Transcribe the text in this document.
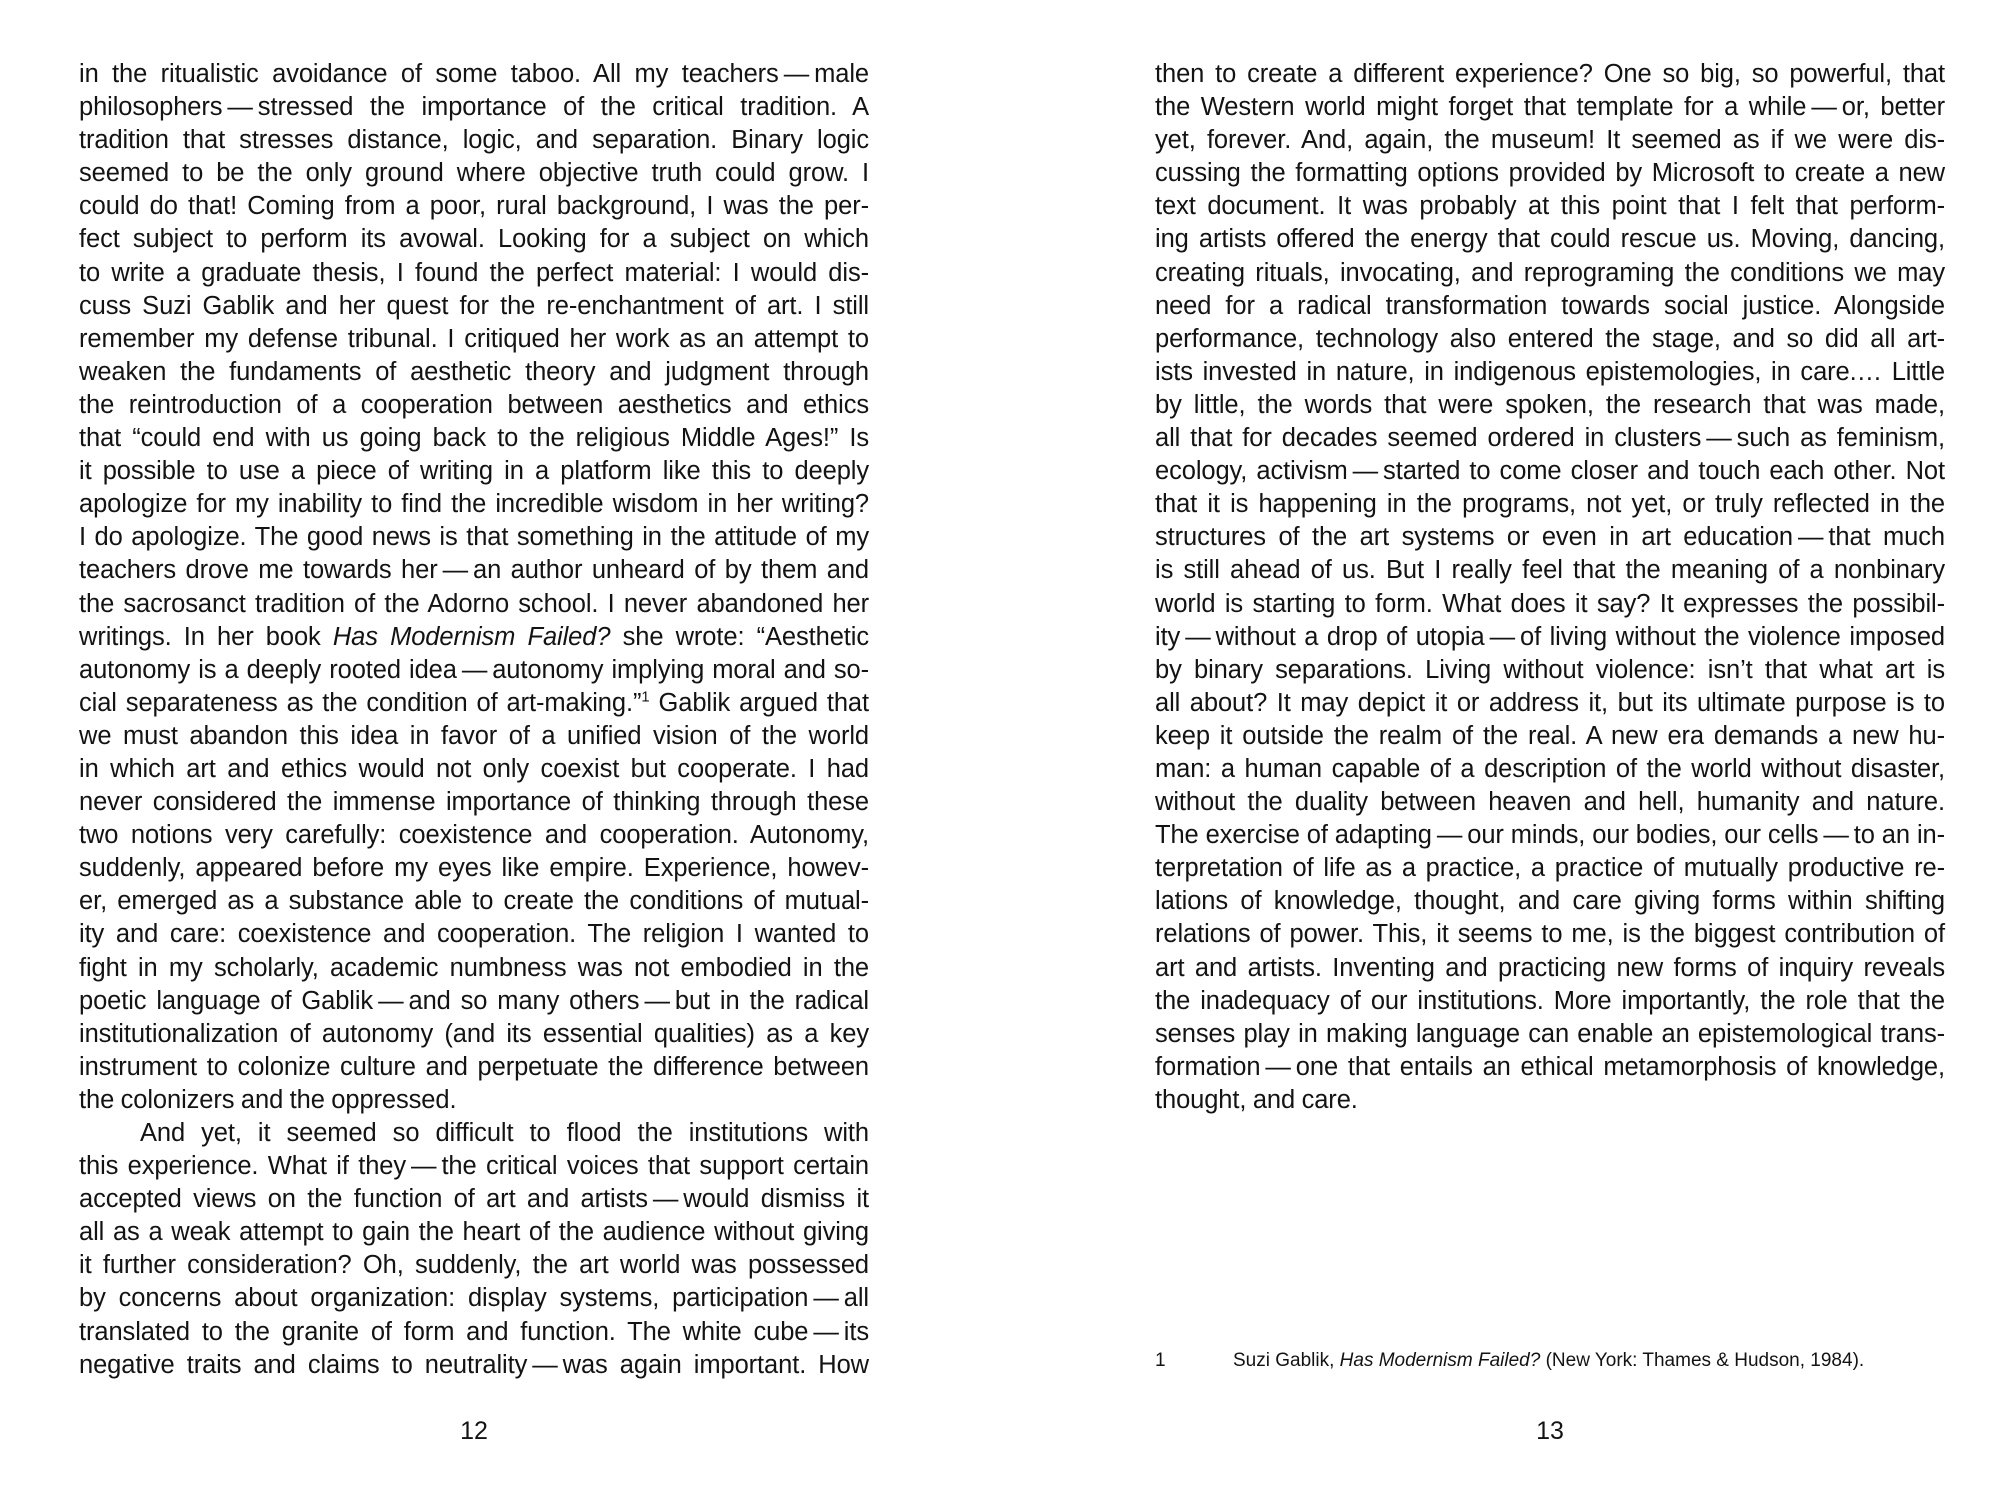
in the ritualistic avoidance of some taboo. All my teachers — male
philosophers — stressed the importance of the critical tradition. A
tradition that stresses distance, logic, and separation. Binary logic
seemed to be the only ground where objective truth could grow. I
could do that! Coming from a poor, rural background, I was the per-
fect subject to perform its avowal. Looking for a subject on which
to write a graduate thesis, I found the perfect material: I would dis-
cuss Suzi Gablik and her quest for the re-enchantment of art. I still
remember my defense tribunal. I critiqued her work as an attempt to
weaken the fundaments of aesthetic theory and judgment through
the reintroduction of a cooperation between aesthetics and ethics
that “could end with us going back to the religious Middle Ages!” Is
it possible to use a piece of writing in a platform like this to deeply
apologize for my inability to find the incredible wisdom in her writing?
I do apologize. The good news is that something in the attitude of my
teachers drove me towards her — an author unheard of by them and
the sacrosanct tradition of the Adorno school. I never abandoned her
writings. In her book Has Modernism Failed? she wrote: “Aesthetic
autonomy is a deeply rooted idea — autonomy implying moral and so-
cial separateness as the condition of art-making.”$^1$ Gablik argued that
we must abandon this idea in favor of a unified vision of the world
in which art and ethics would not only coexist but cooperate. I had
never considered the immense importance of thinking through these
two notions very carefully: coexistence and cooperation. Autonomy,
suddenly, appeared before my eyes like empire. Experience, howev-
er, emerged as a substance able to create the conditions of mutual-
ity and care: coexistence and cooperation. The religion I wanted to
fight in my scholarly, academic numbness was not embodied in the
poetic language of Gablik — and so many others — but in the radical
institutionalization of autonomy (and its essential qualities) as a key
instrument to colonize culture and perpetuate the difference between
the colonizers and the oppressed.
And yet, it seemed so difficult to flood the institutions with
this experience. What if they — the critical voices that support certain
accepted views on the function of art and artists — would dismiss it
all as a weak attempt to gain the heart of the audience without giving
it further consideration? Oh, suddenly, the art world was possessed
by concerns about organization: display systems, participation — all
translated to the granite of form and function. The white cube — its
negative traits and claims to neutrality — was again important. How
12
then to create a different experience? One so big, so powerful, that
the Western world might forget that template for a while — or, better
yet, forever. And, again, the museum! It seemed as if we were dis-
cussing the formatting options provided by Microsoft to create a new
text document. It was probably at this point that I felt that perform-
ing artists offered the energy that could rescue us. Moving, dancing,
creating rituals, invocating, and reprograming the conditions we may
need for a radical transformation towards social justice. Alongside
performance, technology also entered the stage, and so did all art-
ists invested in nature, in indigenous epistemologies, in care.… Little
by little, the words that were spoken, the research that was made,
all that for decades seemed ordered in clusters — such as feminism,
ecology, activism — started to come closer and touch each other. Not
that it is happening in the programs, not yet, or truly reflected in the
structures of the art systems or even in art education — that much
is still ahead of us. But I really feel that the meaning of a nonbinary
world is starting to form. What does it say? It expresses the possibil-
ity — without a drop of utopia — of living without the violence imposed
by binary separations. Living without violence: isn’t that what art is
all about? It may depict it or address it, but its ultimate purpose is to
keep it outside the realm of the real. A new era demands a new hu-
man: a human capable of a description of the world without disaster,
without the duality between heaven and hell, humanity and nature.
The exercise of adapting — our minds, our bodies, our cells — to an in-
terpretation of life as a practice, a practice of mutually productive re-
lations of knowledge, thought, and care giving forms within shifting
relations of power. This, it seems to me, is the biggest contribution of
art and artists. Inventing and practicing new forms of inquiry reveals
the inadequacy of our institutions. More importantly, the role that the
senses play in making language can enable an epistemological trans-
formation — one that entails an ethical metamorphosis of knowledge,
thought, and care.
1	Suzi Gablik, Has Modernism Failed? (New York: Thames & Hudson, 1984).
13
